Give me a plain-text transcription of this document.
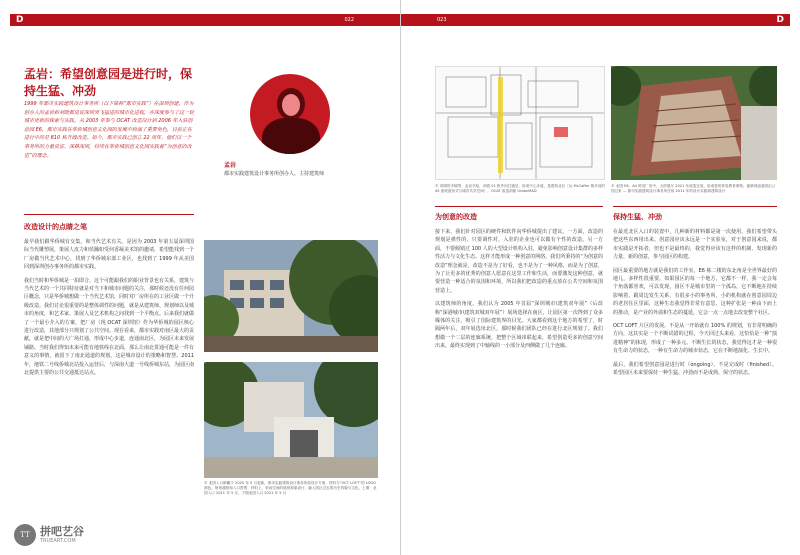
D	022
孟岩：希望创意园是进行时，保持生猛、冲劲
1999 年都市实践建筑设计事务所（以下简称“都市实践”）在深圳创建，作为创办人的孟岩和刘晓都见证深圳突飞猛进的城市化进程，亦深度参与了这一轮城市更新的探索与实践。从 2003 年参与 OCAT 改造设计到 2006 年入驻创意园 E6，都市实践在华侨城创意文化园的发展中扮演了重要角色，目前正在进行中的是 810 栋升级改造。如今，都市实践已创立 22 周年，他们以一个事务所的力量见证、深耕深圳，持续在华侨城创意文化园实践着“为创意的改造”的理念。
孟岩
都市实践建筑设计事务所创办人、主持建筑师
改造设计的点睛之笔

最早我们跟华侨城有交集，和当代艺术有关。是因为 2003 年第五届深圳国际当代雕塑展，策展人皮力和侯瀚如受何香凝美术馆的邀请，希望能找到一个厂房做当代艺术中心，找到了华侨城东部工业区，也找到了 1999 年从美国回到深圳创办事务所的都市实践。

我们当时和华侨城是一拍即合。这个可能跟我们的职业背景也有关系，建筑与当代艺术的一个共同特征就是对当下和城市问题的关注，那时候还没有任何园区概念，只是华侨城想做一个当代艺术馆，同时对厂房所在的工业区做一个升级改造。我们讨论很重要的是整体调性的问题，就是从建筑师、规划师以及城市的角度，和艺术家、策展人及艺术机构之间找到一个平衡点。后来我们就做了一个最小介入的方案，把厂房（现 OCAT 深圳馆）作为华侨城的园区核心进行改造，其他部分只规划了公共空间。现在看来，都市实践对南区最大的贡献，就是把中间的大广场打通，形成中心步道，连通南北区，为园区未来发展铺路。当时我们得知未来可能有地铁线在北面，那么让南北贯通可能是一件有意义的事情，就留下了南北通道的规划，这是城市设计的策略和智慧。2011 年，地铁二号线侨城北站投入运营后，与深南大道一号线侨城东站，为园区南北提供主要的公共交通抵达站点。

© 北园入口俯瞰于 2020 年 5 月更新，都市实践建筑设计事务所原设计方案，材料与“OCT LOFT”的 LOGO 颜色。规划道路和入口景观：材料上，采用空间的展现和原设计，融入园区过去的历史风貌与文化。上图：北园入口 2011 年 5 月，下图北园入口 2021 年 5 月
TT 拼吧艺谷
TRUEART.COM
023	D
© 草图的手稿等，孟岩手绘，剖面 01 栋外向打通后，形成中心步道，是建筑北区（从 McCaffer 街开设的 45 座坡道形式与城市共享空间）。OCAT 改造剖面 UrbanMAD
© 北园 E6，A4 栋旧厂房中，大的展厅 2021 年改造完成，形成营的体验教育事物，能够到创意园由公园过来 — 都市实践建筑设计事务所任用 2011 年的设计实践和建筑设计
为创意的改造

接下来，我们针对园区的硬件和软件向华侨城提出了建议。一方面，改造的规划是弹性的，只要调性对，入驻的企业也可以做有个性的改造。另一方面，不要倾销过 100 人的大型设计机构入驻，避免影响创意设计集群的多样性活力与文化生态。这样才能形成一种创意的网络，我们所秉持的“为创意的改造”理念就是，改造不是为了好看，也不是为了一种风格，而是为了创意，为了让更多的优秀的创意人愿意在这里工作和生活，而要激发这种创意，就要营造一种适合的氛围和环境，所以我们把改造的重点放在公共空间和氛围营造上。

以建筑师的角度，我们认为 2005 年首届“深圳城市\建筑双年展”（后改称“深港城市\建筑双城双年展”）展场选择在南区，让园区第一次得到了众多媒体的关注，吸引了国际建筑界的目光。大家都看到这个地方的希望了，时隔两年后，双年展选址北区，那时候我们团队已经在进行北区规划了。我们想做一个二层的连廊系统，把整个区域串联起来，希望创造更多的创意空间出来。最终实现到了中轴线的一小部分及西侧做了几个连廊。

保持生猛、冲劲

在最近北区入口的装置中，几种新的材料都是第一次使用，我们希望带头把这些东西用出来。创意园应该永远是一个实验室，对于创意园来说，都市实践是开拓者，但也不是最终的，我觉得应该有这样的机制、发现新的力量、新的创意，参与园区的构建。

园区最重要的地方就是我们的工作室，E6 栋二楼的东北角是全世界最好的地儿，多样性很重要，如果园区的每一个地方，它都不一样，我一定会每个角落都喜欢，可以发现，园区不是城市里的一个孤岛，它不断地在持续影响着，跟周边发生关系，有很多小的事务所，小的机构就在创意园周边的老居住区里面，这种生态我觉得非常有意思，这种扩张是一种由下而上的推动，是产业的外溢和生态的蔓延，它会一点一点地去改变整个社区。

OCT LOFT 片区的发展，不是从一开始就有 100% 的规划，有非常明确的方向，这其实是一个不断试错的过程，今天回过头来看，这恰恰是一种“演进精神”的体现，形成了一种多元、不断生长的状态，我觉得这才是一种很有生命力的状态，一种有生命力的城市状态，它在不断地演化、生长中。

最后，我们希望创意园是进行时（ongoing），不是完成时（finished）。希望园区未来要保持一种生猛、冲劲而不是成熟、保守的状态。
